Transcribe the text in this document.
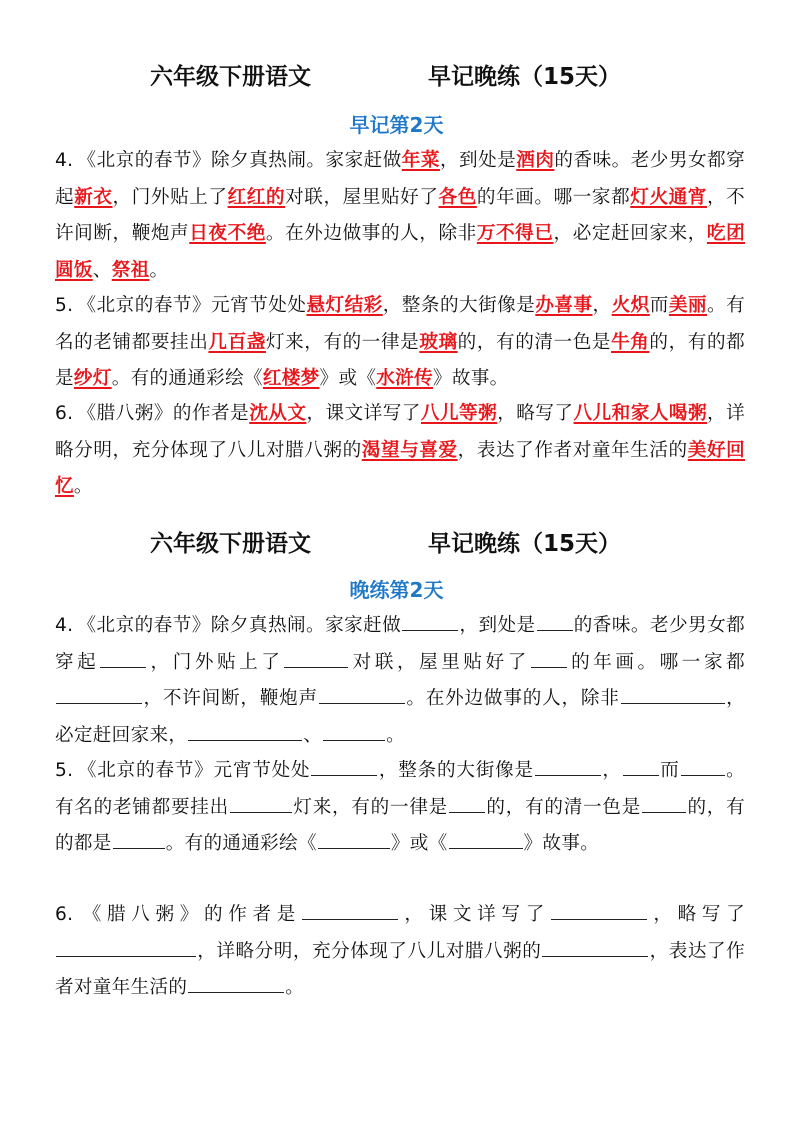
六年级下册语文	早记晚练（15天）
早记第2天
4. 《北京的春节》除夕真热闹。家家赶做年菜，到处是酒肉的香味。老少男女都穿起新衣，门外贴上了红红的对联，屋里贴好了各色的年画。哪一家都灯火通宵，不许间断，鞭炮声日夜不绝。在外边做事的人，除非万不得已，必定赶回家来，吃团圆饭、祭祖。
5. 《北京的春节》元宵节处处悬灯结彩，整条的大街像是办喜事，火炽而美丽。有名的老铺都要挂出几百盏灯来，有的一律是玻璃的，有的清一色是牛角的，有的都是纱灯。有的通通彩绘《红楼梦》或《水浒传》故事。
6. 《腊八粥》的作者是沈从文，课文详写了八儿等粥，略写了八儿和家人喝粥，详略分明，充分体现了八儿对腊八粥的渴望与喜爱，表达了作者对童年生活的美好回忆。
六年级下册语文	早记晚练（15天）
晚练第2天
4. 《北京的春节》除夕真热闹。家家赶做	，到处是 的香味。老少男女都穿起	，门外贴上了	对联，屋里贴好了 的年画。哪一家都，不许间断，鞭炮声	。在外边做事的人，除非	，必定赶回家来，	、	。
5. 《北京的春节》元宵节处处	，整条的大街像是	， 而 。有名的老铺都要挂出	灯来，有的一律是 的，有的清一色是 的，有的都是	。有的通通彩绘《	》或《	》故事。
6. 《腊八粥》的作者是	，课文详写了	，略写了，详略分明，充分体现了八儿对腊八粥的	，表达了作者对童年生活的	。
